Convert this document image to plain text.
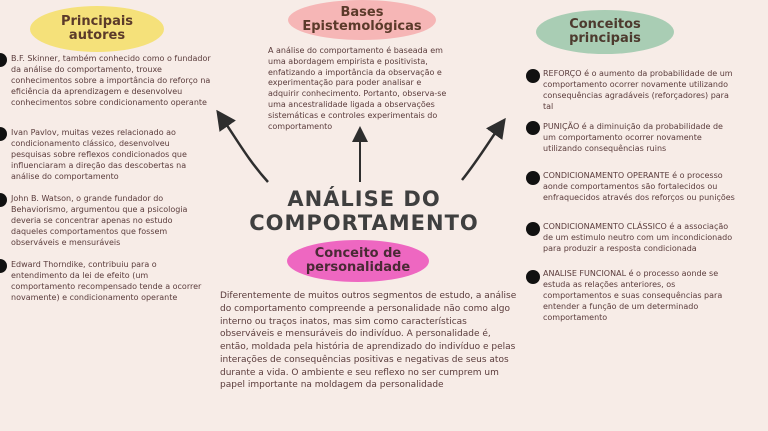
Principais
autores
B.F. Skinner, também conhecido como o fundador da análise do comportamento, trouxe conhecimentos sobre a importância do reforço na eficiência da aprendizagem e desenvolveu conhecimentos sobre condicionamento operante
Ivan Pavlov, muitas vezes relacionado ao condicionamento clássico, desenvolveu pesquisas sobre reflexos condicionados que influenciaram a direção das descobertas na análise do comportamento
John B. Watson, o grande fundador do Behaviorismo, argumentou que a psicologia deveria se concentrar apenas no estudo daqueles comportamentos que fossem observáveis e mensuráveis
Edward Thorndike, contribuiu para o entendimento da lei de efeito (um comportamento recompensado tende a ocorrer novamente) e condicionamento operante
Bases
Epistemológicas
A análise do comportamento é baseada em uma abordagem empirista e positivista, enfatizando a importância da observação e experimentação para poder analisar e adquirir conhecimento. Portanto, observa-se uma ancestralidade ligada a observações sistemáticas e controles experimentais do comportamento
Conceitos
principais
REFORÇO é o aumento da probabilidade de um comportamento ocorrer novamente utilizando consequências agradáveis (reforçadores) para tal
PUNIÇÃO é a diminuição da probabilidade de um comportamento ocorrer novamente utilizando consequências ruins
CONDICIONAMENTO OPERANTE é o processo aonde comportamentos são fortalecidos ou enfraquecidos através dos reforços ou punições
CONDICIONAMENTO CLÁSSICO é a associação de um estimulo neutro com um incondicionado para produzir a resposta condicionada
ANALISE FUNCIONAL é o processo aonde se estuda as relações anteriores, os comportamentos e suas consequências para entender a função de um determinado comportamento
ANÁLISE DO
COMPORTAMENTO
Conceito de
personalidade
Diferentemente de muitos outros segmentos de estudo, a análise do comportamento compreende a personalidade não como algo interno ou traços inatos, mas sim como características observáveis e mensuráveis do indivíduo. A personalidade é, então, moldada pela história de aprendizado do indivíduo e pelas interações de consequências positivas e negativas de seus atos durante a vida. O ambiente e seu reflexo no ser cumprem um papel importante na moldagem da personalidade
